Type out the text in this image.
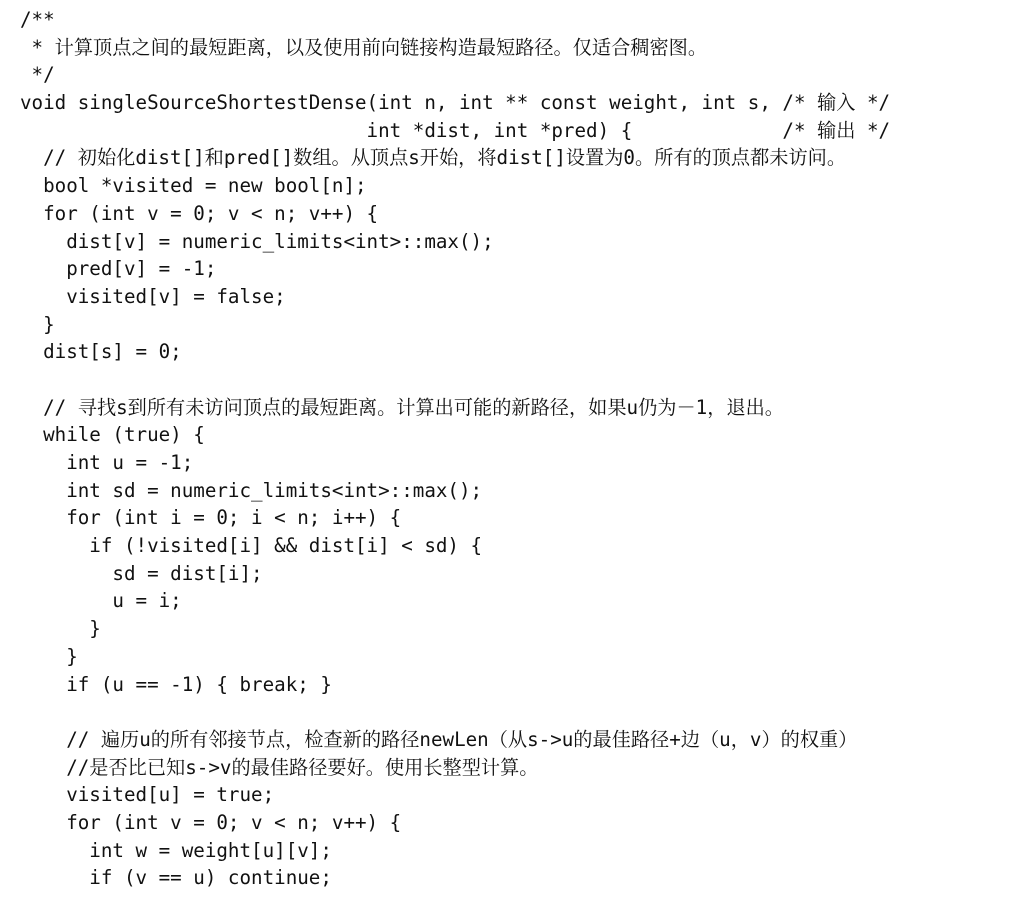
/**
* 计算顶点之间的最短距离，以及使用前向链接构造最短路径。仅适合稠密图。
*/
void singleSourceShortestDense(int n, int ** const weight, int s, /* 输入 */
int *dist, int *pred) {             /* 输出 */
// 初始化dist[]和pred[]数组。从顶点s开始，将dist[]设置为0。所有的顶点都未访问。
bool *visited = new bool[n];
for (int v = 0; v < n; v++) {
dist[v] = numeric_limits<int>::max();
pred[v] = -1;
visited[v] = false;
}
dist[s] = 0;
// 寻找s到所有未访问顶点的最短距离。计算出可能的新路径，如果u仍为－1，退出。
while (true) {
int u = -1;
int sd = numeric_limits<int>::max();
for (int i = 0; i < n; i++) {
if (!visited[i] && dist[i] < sd) {
sd = dist[i];
u = i;
}
}
if (u == -1) { break; }
// 遍历u的所有邻接节点，检查新的路径newLen（从s->u的最佳路径+边（u，v）的权重）
//是否比已知s->v的最佳路径要好。使用长整型计算。
visited[u] = true;
for (int v = 0; v < n; v++) {
int w = weight[u][v];
if (v == u) continue;
